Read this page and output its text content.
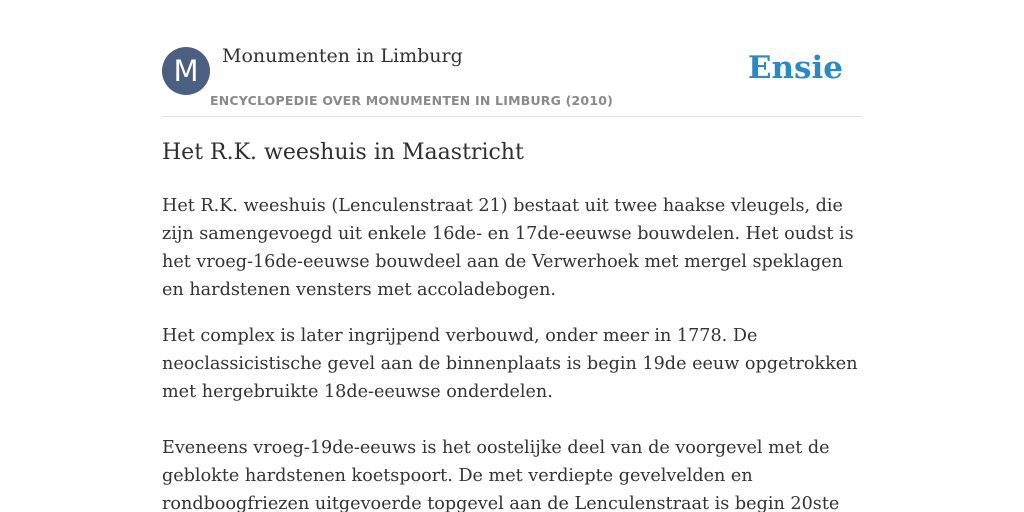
M	Monumenten in Limburg
ENCYCLOPEDIE OVER MONUMENTEN IN LIMBURG (2010)
Ensie
Het R.K. weeshuis in Maastricht

Het R.K. weeshuis (Lenculenstraat 21) bestaat uit twee haakse vleugels, die zijn samengevoegd uit enkele 16de- en 17de-eeuwse bouwdelen. Het oudst is het vroeg-16de-eeuwse bouwdeel aan de Verwerhoek met mergel speklagen en hardstenen vensters met accoladebogen.

Het complex is later ingrijpend verbouwd, onder meer in 1778. De neoclassicistische gevel aan de binnenplaats is begin 19de eeuw opgetrokken met hergebruikte 18de-eeuwse onderdelen.

Eveneens vroeg-19de-eeuws is het oostelijke deel van de voorgevel met de geblokte hardstenen koetspoort. De met verdiepte gevelvelden en rondboogfriezen uitgevoerde topgevel aan de Lenculenstraat is begin 20ste
